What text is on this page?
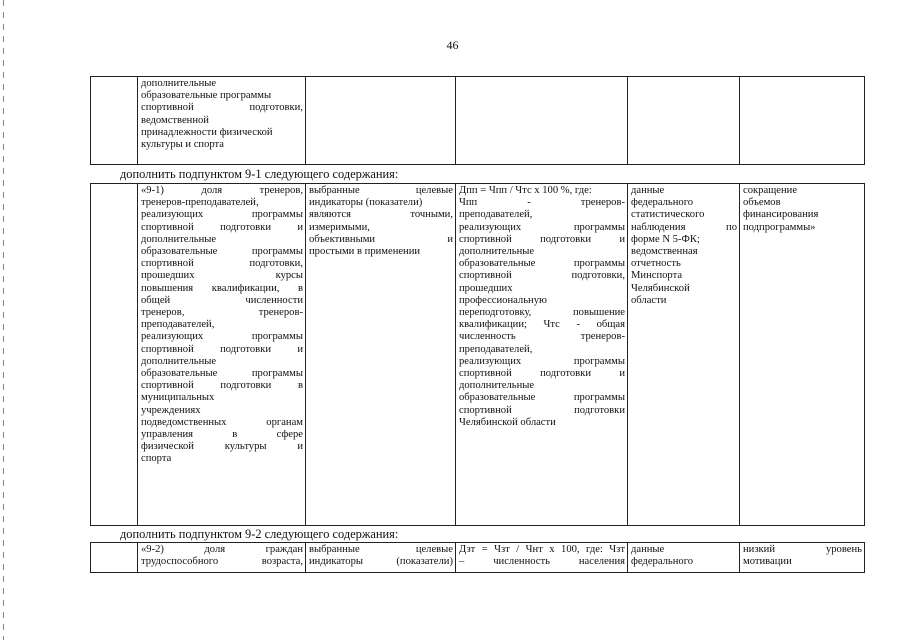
46

дополнительные
образовательные программы
спортивной подготовки,
ведомственной
принадлежности физической
культуры и спорта

дополнить подпунктом 9-1 следующего содержания:

«9-1) доля тренеров,
тренеров-преподавателей,
реализующих программы
спортивной подготовки и
дополнительные
образовательные программы
спортивной подготовки,
прошедших курсы
повышения квалификации, в
общей численности
тренеров, тренеров-
преподавателей,
реализующих программы
спортивной подготовки и
дополнительные
образовательные программы
спортивной подготовки в
муниципальных
учреждениях
подведомственных органам
управления в сфере
физической культуры и
спорта

выбранные целевые
индикаторы (показатели)
являются точными,
измеримыми,
объективными и
простыми в применении

Дпп = Чпп / Чтс x 100 %, где:
Чпп - тренеров-
преподавателей,
реализующих программы
спортивной подготовки и
дополнительные
образовательные программы
спортивной подготовки,
прошедших
профессиональную
переподготовку, повышение
квалификации; Чтс - общая
численность тренеров-
преподавателей,
реализующих программы
спортивной подготовки и
дополнительные
образовательные программы
спортивной подготовки
Челябинской области

данные
федерального
статистического
наблюдения по
форме N 5-ФК;
ведомственная
отчетность
Минспорта
Челябинской
области

сокращение
объемов
финансирования
подпрограммы»
дополнить подпунктом 9-2 следующего содержания:

«9-2) доля граждан
трудоспособного возраста,

выбранные целевые
индикаторы (показатели)

Дзт = Чзт / Чнт x 100, где: Чзт
– численность населения

данные
федерального

низкий уровень
мотивации
